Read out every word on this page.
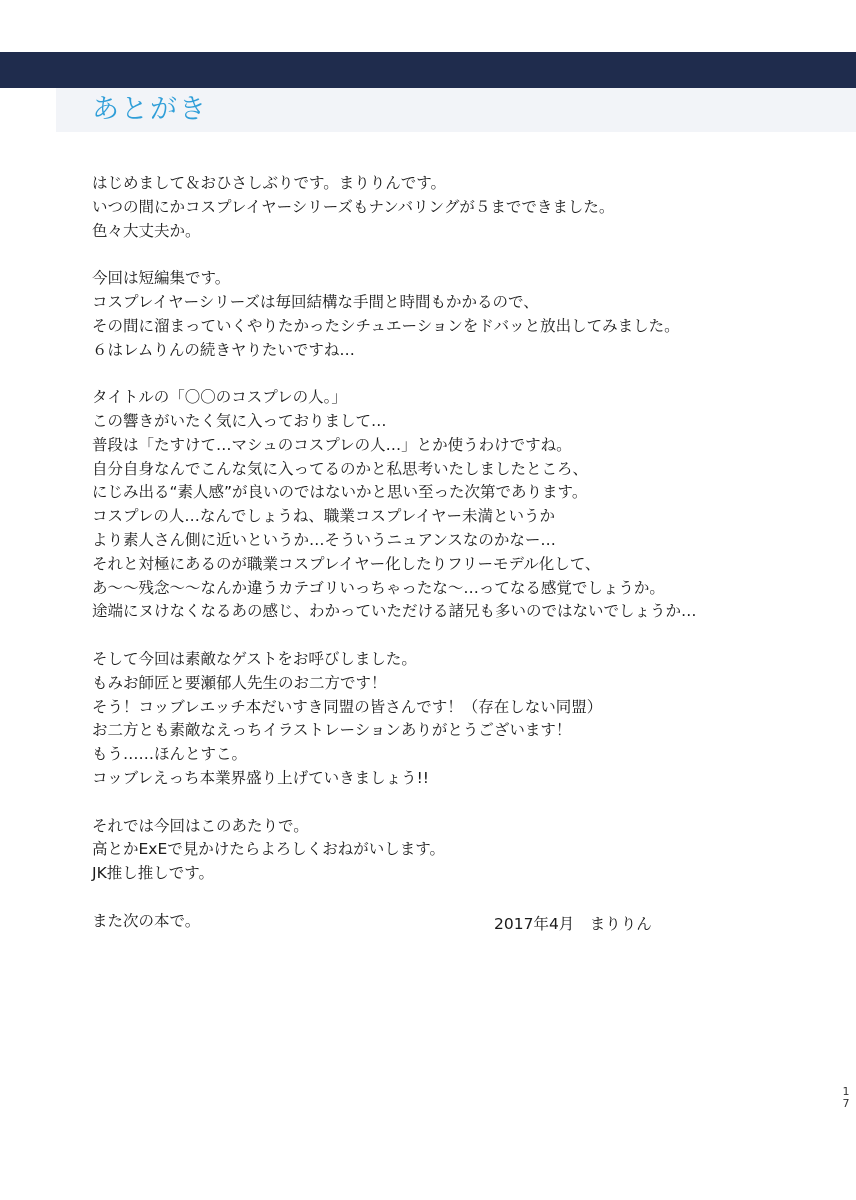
あとがき
はじめまして＆おひさしぶりです。まりりんです。
いつの間にかコスプレイヤーシリーズもナンバリングが５までできました。
色々大丈夫か。
今回は短編集です。
コスプレイヤーシリーズは毎回結構な手間と時間もかかるので、
その間に溜まっていくやりたかったシチュエーションをドバッと放出してみました。
６はレムりんの続きヤりたいですね…
タイトルの「〇〇のコスプレの人。」
この響きがいたく気に入っておりまして…
普段は「たすけて…マシュのコスプレの人…」とか使うわけですね。
自分自身なんでこんな気に入ってるのかと私思考いたしましたところ、
にじみ出る“素人感”が良いのではないかと思い至った次第であります。
コスプレの人…なんでしょうね、職業コスプレイヤー未満というか
より素人さん側に近いというか…そういうニュアンスなのかなー…
それと対極にあるのが職業コスプレイヤー化したりフリーモデル化して、
あ〜〜残念〜〜なんか違うカテゴリいっちゃったな〜…ってなる感覚でしょうか。
途端にヌけなくなるあの感じ、わかっていただける諸兄も多いのではないでしょうか…
そして今回は素敵なゲストをお呼びしました。
もみお師匠と要瀬郁人先生のお二方です！
そう！コッブレエッチ本だいすき同盟の皆さんです！（存在しない同盟）
お二方とも素敵なえっちイラストレーションありがとうございます！
もう……ほんとすこ。
コッブレえっち本業界盛り上げていきましょう!!
それでは今回はこのあたりで。
高とかExEで見かけたらよろしくおねがいします。
JK推し推しです。
また次の本で。	2017年4月　まりりん
17
